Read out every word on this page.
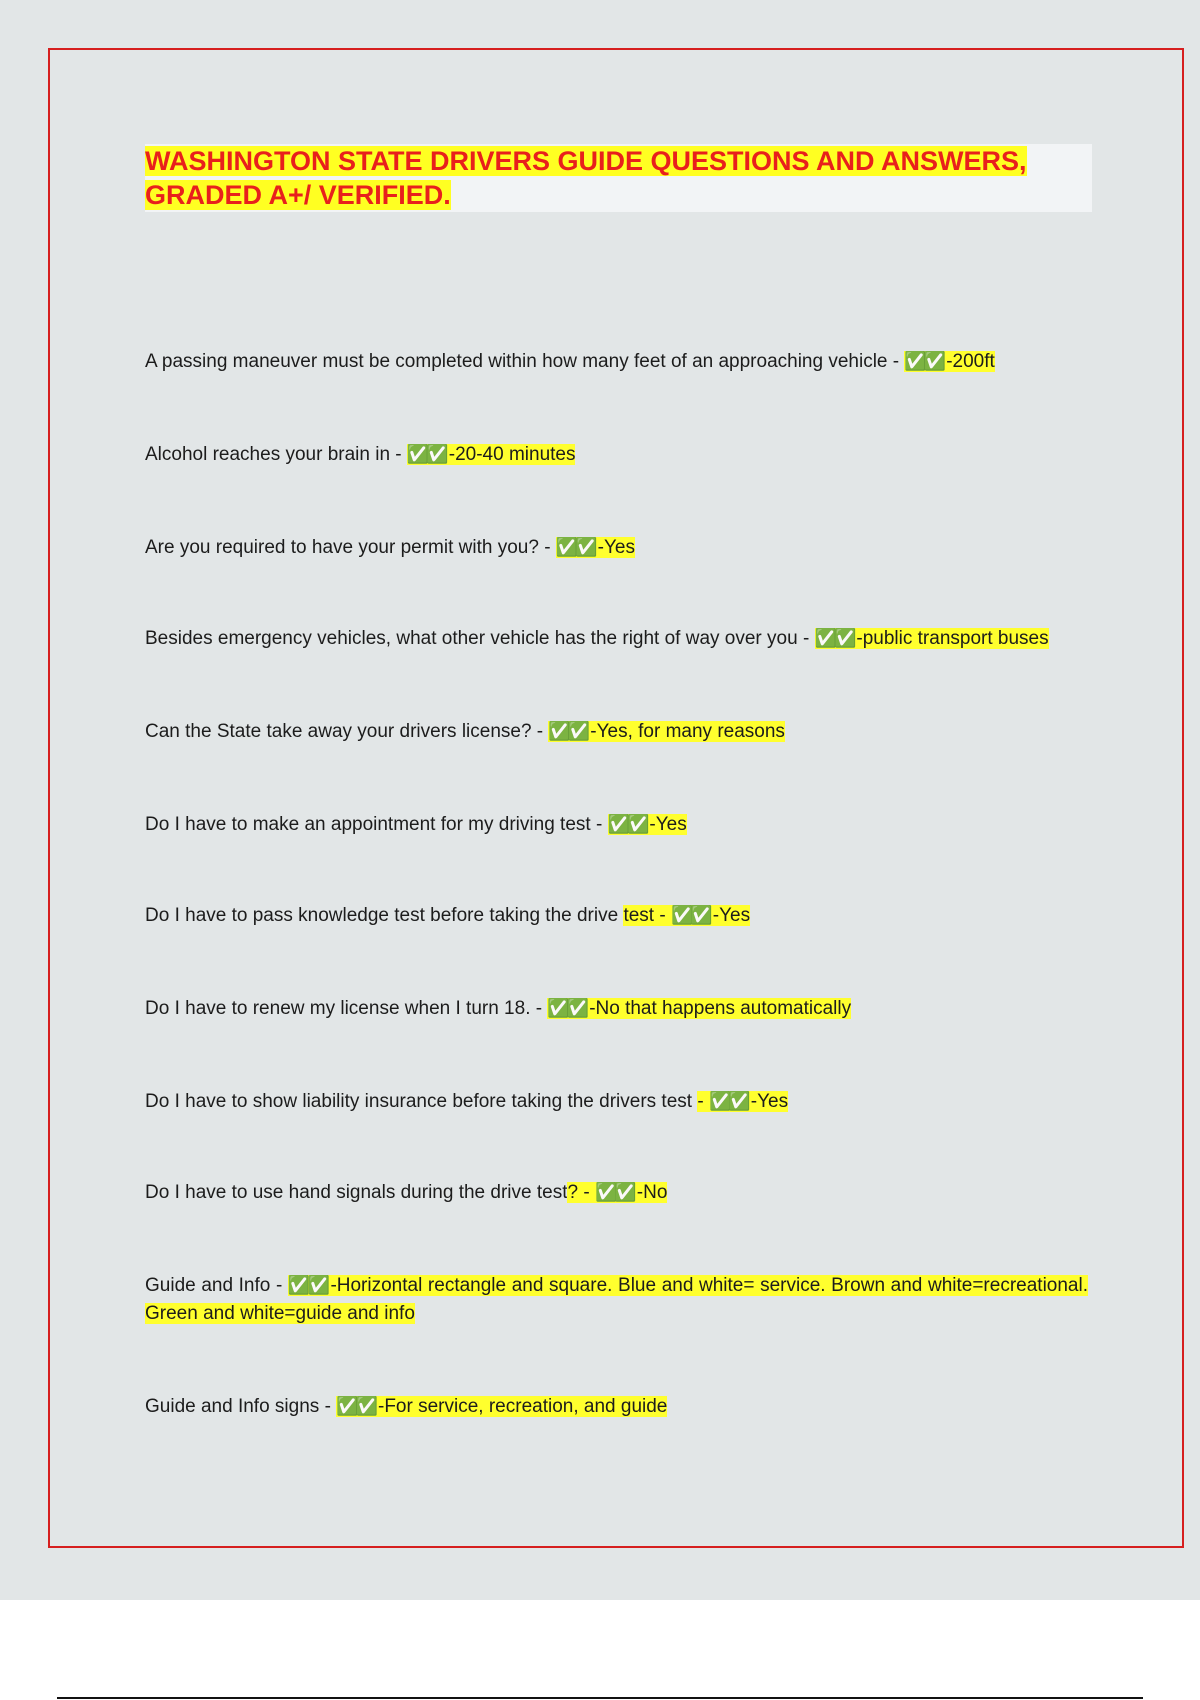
WASHINGTON STATE DRIVERS GUIDE QUESTIONS AND ANSWERS, GRADED A+/ VERIFIED.

A passing maneuver must be completed within how many feet of an approaching vehicle - ✅✅ -200ft

Alcohol reaches your brain in - ✅✅ -20-40 minutes

Are you required to have your permit with you? - ✅✅ -Yes

Besides emergency vehicles, what other vehicle has the right of way over you - ✅✅ -public transport buses

Can the State take away your drivers license? - ✅✅ -Yes, for many reasons

Do I have to make an appointment for my driving test - ✅✅ -Yes

Do I have to pass knowledge test before taking the drive test - ✅✅ -Yes

Do I have to renew my license when I turn 18. - ✅✅ -No that happens automatically

Do I have to show liability insurance before taking the drivers test - ✅✅ -Yes

Do I have to use hand signals during the drive test? - ✅✅ -No

Guide and Info - ✅✅ -Horizontal rectangle and square. Blue and white= service. Brown and white=recreational. Green and white=guide and info

Guide and Info signs - ✅✅ -For service, recreation, and guide
